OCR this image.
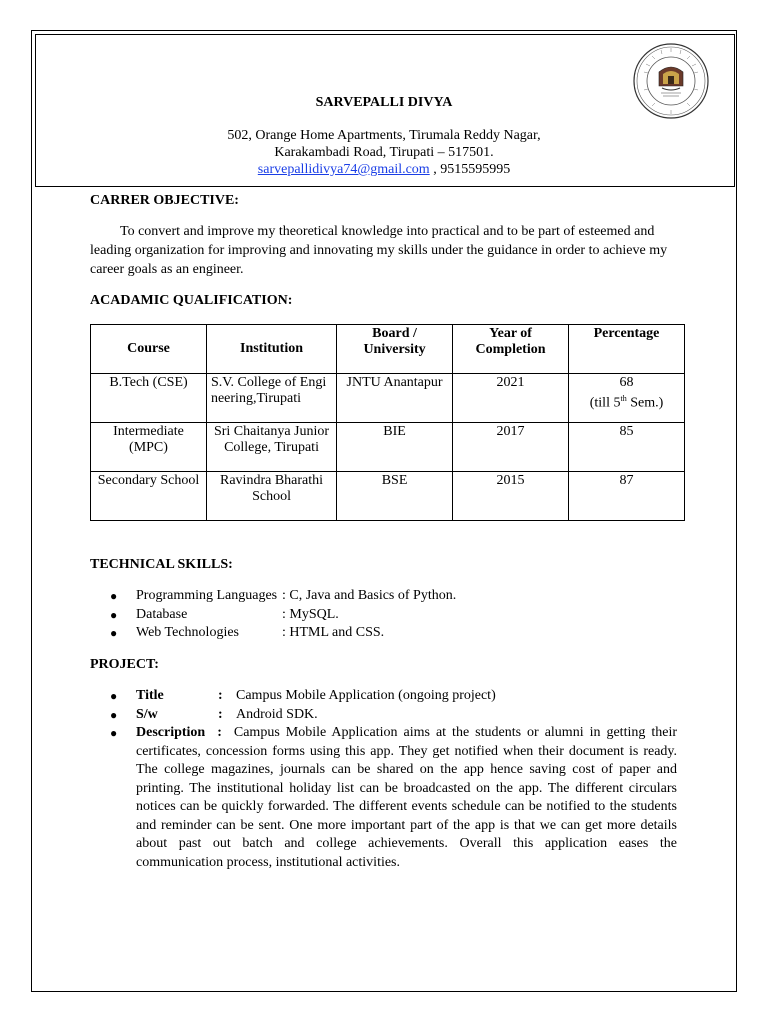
SARVEPALLI DIVYA
502, Orange Home Apartments, Tirumala Reddy Nagar,
Karakambadi Road, Tirupati – 517501.
sarvepallidivya74@gmail.com , 9515595995
CARRER OBJECTIVE:
To convert and improve my theoretical knowledge into practical and to be part of esteemed and leading organization for improving and innovating my skills under the guidance in order to achieve my career goals as an engineer.
ACADAMIC QUALIFICATION:
Course	Institution	Board / University	Year of Completion	Percentage
B.Tech (CSE)	S.V. College of Engineering,Tirupati	JNTU Anantapur	2021	68
(till 5th Sem.)

Intermediate (MPC)	Sri Chaitanya Junior College, Tirupati	BIE	2017	85
Secondary School	Ravindra Bharathi School	BSE	2015	87
TECHNICAL SKILLS:
● Programming Languages : C, Java and Basics of Python.
● Database	: MySQL.
● Web Technologies	: HTML and CSS.
PROJECT:
● Title	: Campus Mobile Application (ongoing project)
● S/w	: Android SDK.
● Description  :  Campus Mobile Application aims at the students or alumni in getting their certificates, concession forms using this app. They get notified when their document is ready. The college magazines, journals can be shared on the app hence saving cost of paper and printing. The institutional holiday list can be broadcasted on the app. The different circulars notices can be quickly forwarded. The different events schedule can be notified to the students and reminder can be sent. One more important part of the app is that we can get more details about past out batch and college achievements. Overall this application eases the communication process, institutional activities.
